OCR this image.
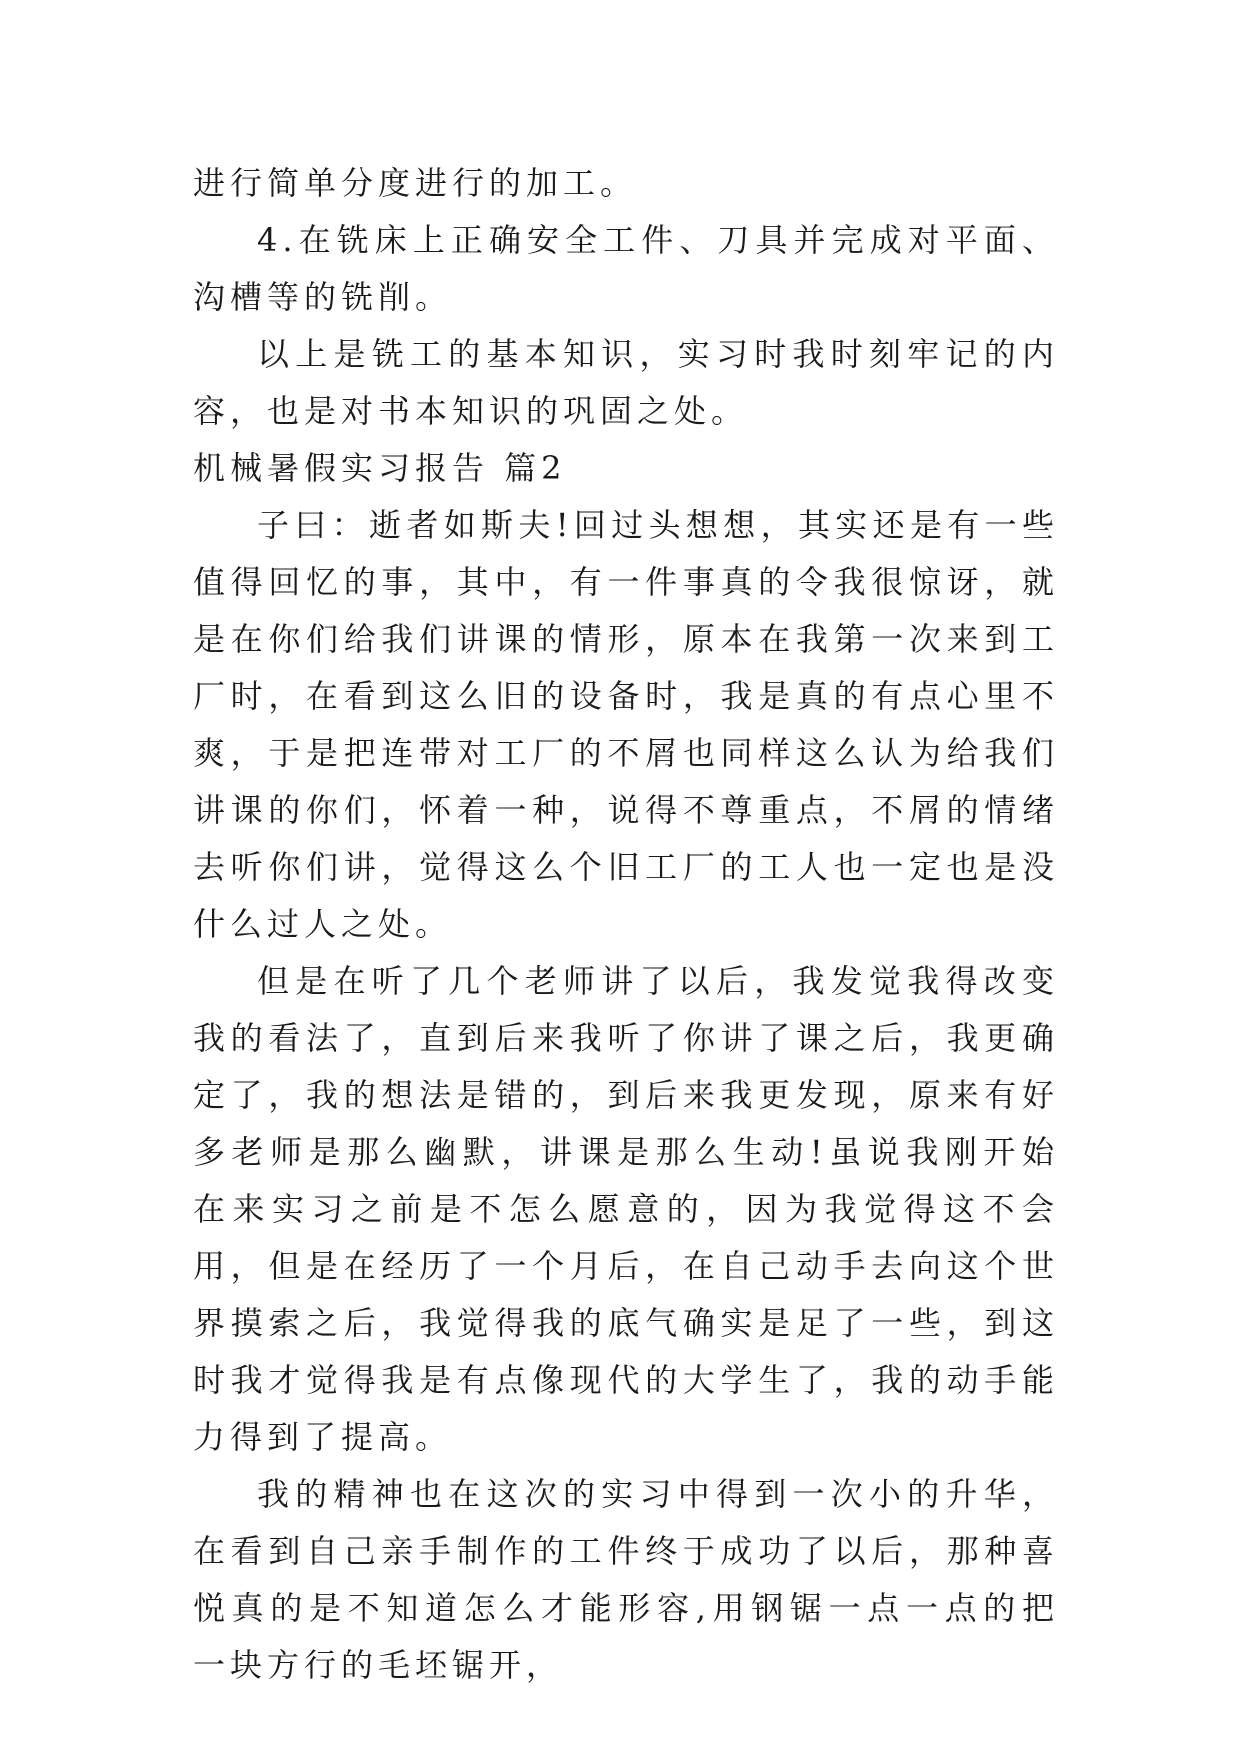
进行简单分度进行的加工。

4.在铣床上正确安全工件、刀具并完成对平面、沟槽等的铣削。

以上是铣工的基本知识，实习时我时刻牢记的内容，也是对书本知识的巩固之处。

机械暑假实习报告 篇2

子曰：逝者如斯夫!回过头想想，其实还是有一些值得回忆的事，其中，有一件事真的令我很惊讶，就是在你们给我们讲课的情形，原本在我第一次来到工厂时，在看到这么旧的设备时，我是真的有点心里不爽，于是把连带对工厂的不屑也同样这么认为给我们讲课的你们，怀着一种，说得不尊重点，不屑的情绪去听你们讲，觉得这么个旧工厂的工人也一定也是没什么过人之处。

但是在听了几个老师讲了以后，我发觉我得改变我的看法了，直到后来我听了你讲了课之后，我更确定了，我的想法是错的，到后来我更发现，原来有好多老师是那么幽默，讲课是那么生动!虽说我刚开始在来实习之前是不怎么愿意的，因为我觉得这不会用，但是在经历了一个月后，在自己动手去向这个世界摸索之后，我觉得我的底气确实是足了一些，到这时我才觉得我是有点像现代的大学生了，我的动手能力得到了提高。

我的精神也在这次的实习中得到一次小的升华，在看到自己亲手制作的工件终于成功了以后，那种喜悦真的是不知道怎么才能形容,用钢锯一点一点的把一块方行的毛坯锯开，
